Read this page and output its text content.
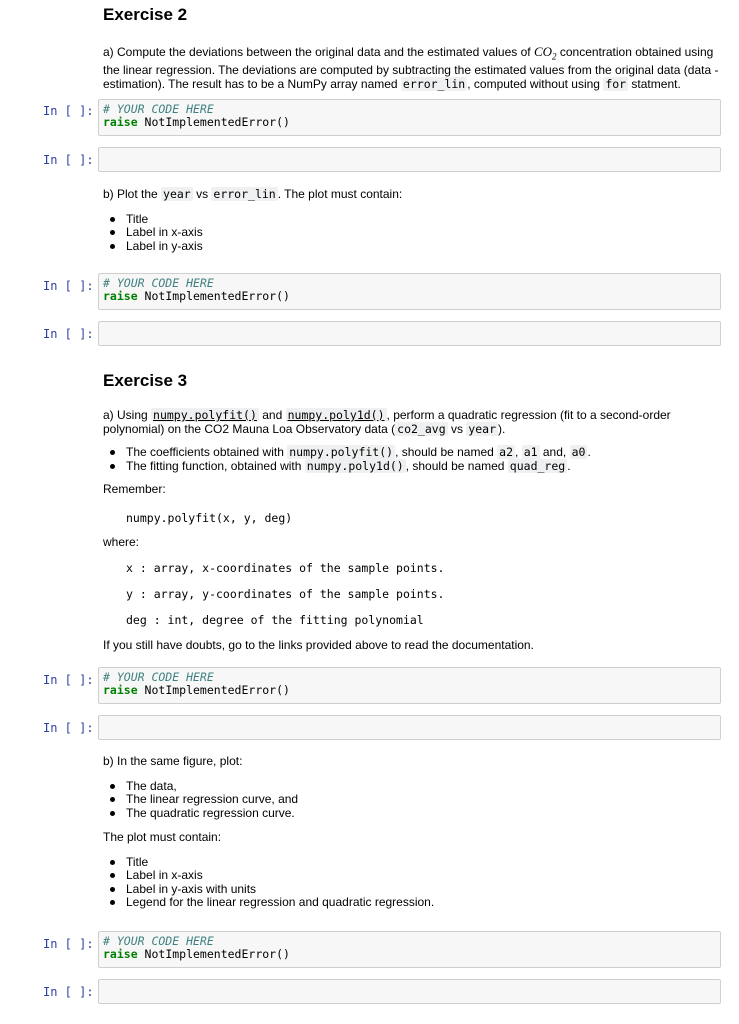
Exercise 2

a) Compute the deviations between the original data and the estimated values of $CO_2$ concentration obtained using

the linear regression. The deviations are computed by subtracting the estimated values from the original data (data -

estimation). The result has to be a NumPy array named error_lin , computed without using for statment.

In [ ]: # YOUR CODE HERE
raise NotImplementedError()
In [ ]:

b) Plot the year vs error_lin . The plot must contain:

Title
Label in x-axis
Label in y-axis
In [ ]: # YOUR CODE HERE
raise NotImplementedError()
In [ ]:
Exercise 3

a) Using numpy.polyfit() and numpy.poly1d() , perform a quadratic regression (fit to a second-order

polynomial) on the CO2 Mauna Loa Observatory data ( co2_avg vs year ).

The coefficients obtained with numpy.polyfit() , should be named a2 , a1 and, a0 .
The fitting function, obtained with numpy.poly1d() , should be named quad_reg .

Remember:

numpy.polyfit(x, y, deg)
where:
x : array, x-coordinates of the sample points.
y : array, y-coordinates of the sample points.
deg : int, degree of the fitting polynomial
If you still have doubts, go to the links provided above to read the documentation.
In [ ]: # YOUR CODE HERE
raise NotImplementedError()
In [ ]:

b) In the same figure, plot:

The data,
The linear regression curve, and
The quadratic regression curve.

The plot must contain:

Title
Label in x-axis
Label in y-axis with units
Legend for the linear regression and quadratic regression.
In [ ]: # YOUR CODE HERE
raise NotImplementedError()
In [ ]:
